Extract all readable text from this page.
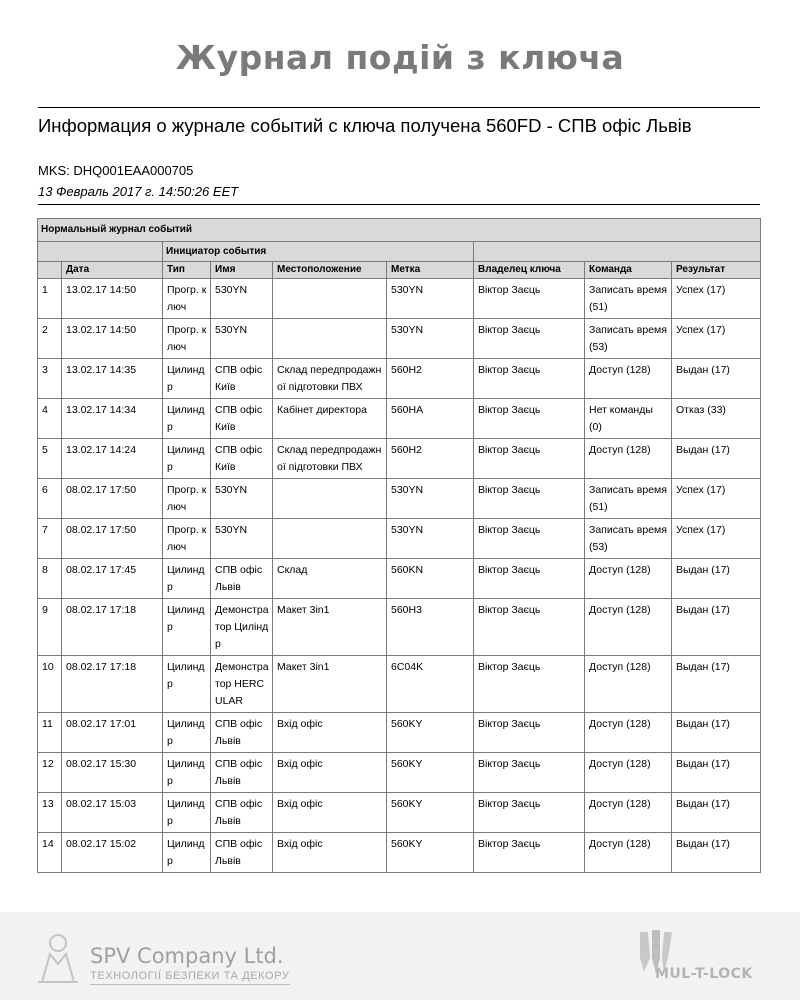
Журнал подій з ключа
Информация о журнале событий с ключа получена 560FD - СПВ офіс Львів
MKS: DHQ001EAA000705
13 Февраль 2017 г. 14:50:26 EET
Нормальный журнал событий								
		Инициатор события						
	Дата	Тип	Имя	Местоположение	Метка	Владелец ключа	Команда	Результат
1	13.02.17 14:50	Прогр. ключ	530YN		530YN	Віктор Заєць	Записать время (51)	Успех (17)
2	13.02.17 14:50	Прогр. ключ	530YN		530YN	Віктор Заєць	Записать время (53)	Успех (17)
3	13.02.17 14:35	Цилиндр	СПВ офіс Київ	Склад передпродажної підготовки ПВХ	560H2	Віктор Заєць	Доступ (128)	Выдан (17)
4	13.02.17 14:34	Цилиндр	СПВ офіс Київ	Кабінет директора	560HA	Віктор Заєць	Нет команды (0)	Отказ (33)
5	13.02.17 14:24	Цилиндр	СПВ офіс Київ	Склад передпродажної підготовки ПВХ	560H2	Віктор Заєць	Доступ (128)	Выдан (17)
6	08.02.17 17:50	Прогр. ключ	530YN		530YN	Віктор Заєць	Записать время (51)	Успех (17)
7	08.02.17 17:50	Прогр. ключ	530YN		530YN	Віктор Заєць	Записать время (53)	Успех (17)
8	08.02.17 17:45	Цилиндр	СПВ офіс Львів	Склад	560KN	Віктор Заєць	Доступ (128)	Выдан (17)
9	08.02.17 17:18	Цилиндр	Демонстратор Циліндр	Макет 3in1	560H3	Віктор Заєць	Доступ (128)	Выдан (17)
10	08.02.17 17:18	Цилиндр	Демонстратор HERCULAR	Макет 3in1	6C04K	Віктор Заєць	Доступ (128)	Выдан (17)
11	08.02.17 17:01	Цилиндр	СПВ офіс Львів	Вхід офіс	560KY	Віктор Заєць	Доступ (128)	Выдан (17)
12	08.02.17 15:30	Цилиндр	СПВ офіс Львів	Вхід офіс	560KY	Віктор Заєць	Доступ (128)	Выдан (17)
13	08.02.17 15:03	Цилиндр	СПВ офіс Львів	Вхід офіс	560KY	Віктор Заєць	Доступ (128)	Выдан (17)
14	08.02.17 15:02	Цилиндр	СПВ офіс Львів	Вхід офіс	560KY	Віктор Заєць	Доступ (128)	Выдан (17)
SPV Company Ltd.
ТЕХНОЛОГІЇ БЕЗПЕКИ ТА ДЕКОРУ	MUL-T-LOCK
